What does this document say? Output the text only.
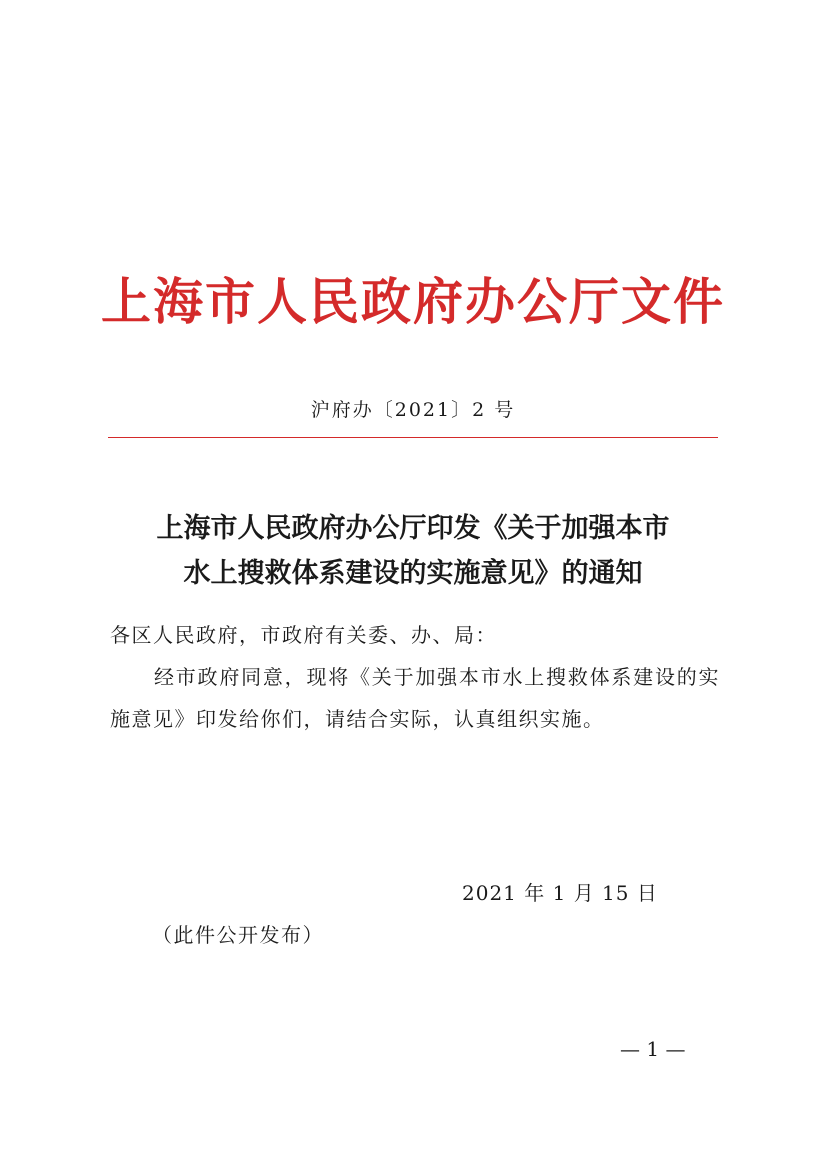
上海市人民政府办公厅文件
沪府办〔2021〕2 号
上海市人民政府办公厅印发《关于加强本市
水上搜救体系建设的实施意见》的通知
各区人民政府，市政府有关委、办、局：
经市政府同意，现将《关于加强本市水上搜救体系建设的实施意见》印发给你们，请结合实际，认真组织实施。
2021 年 1 月 15 日
（此件公开发布）
— 1 —
